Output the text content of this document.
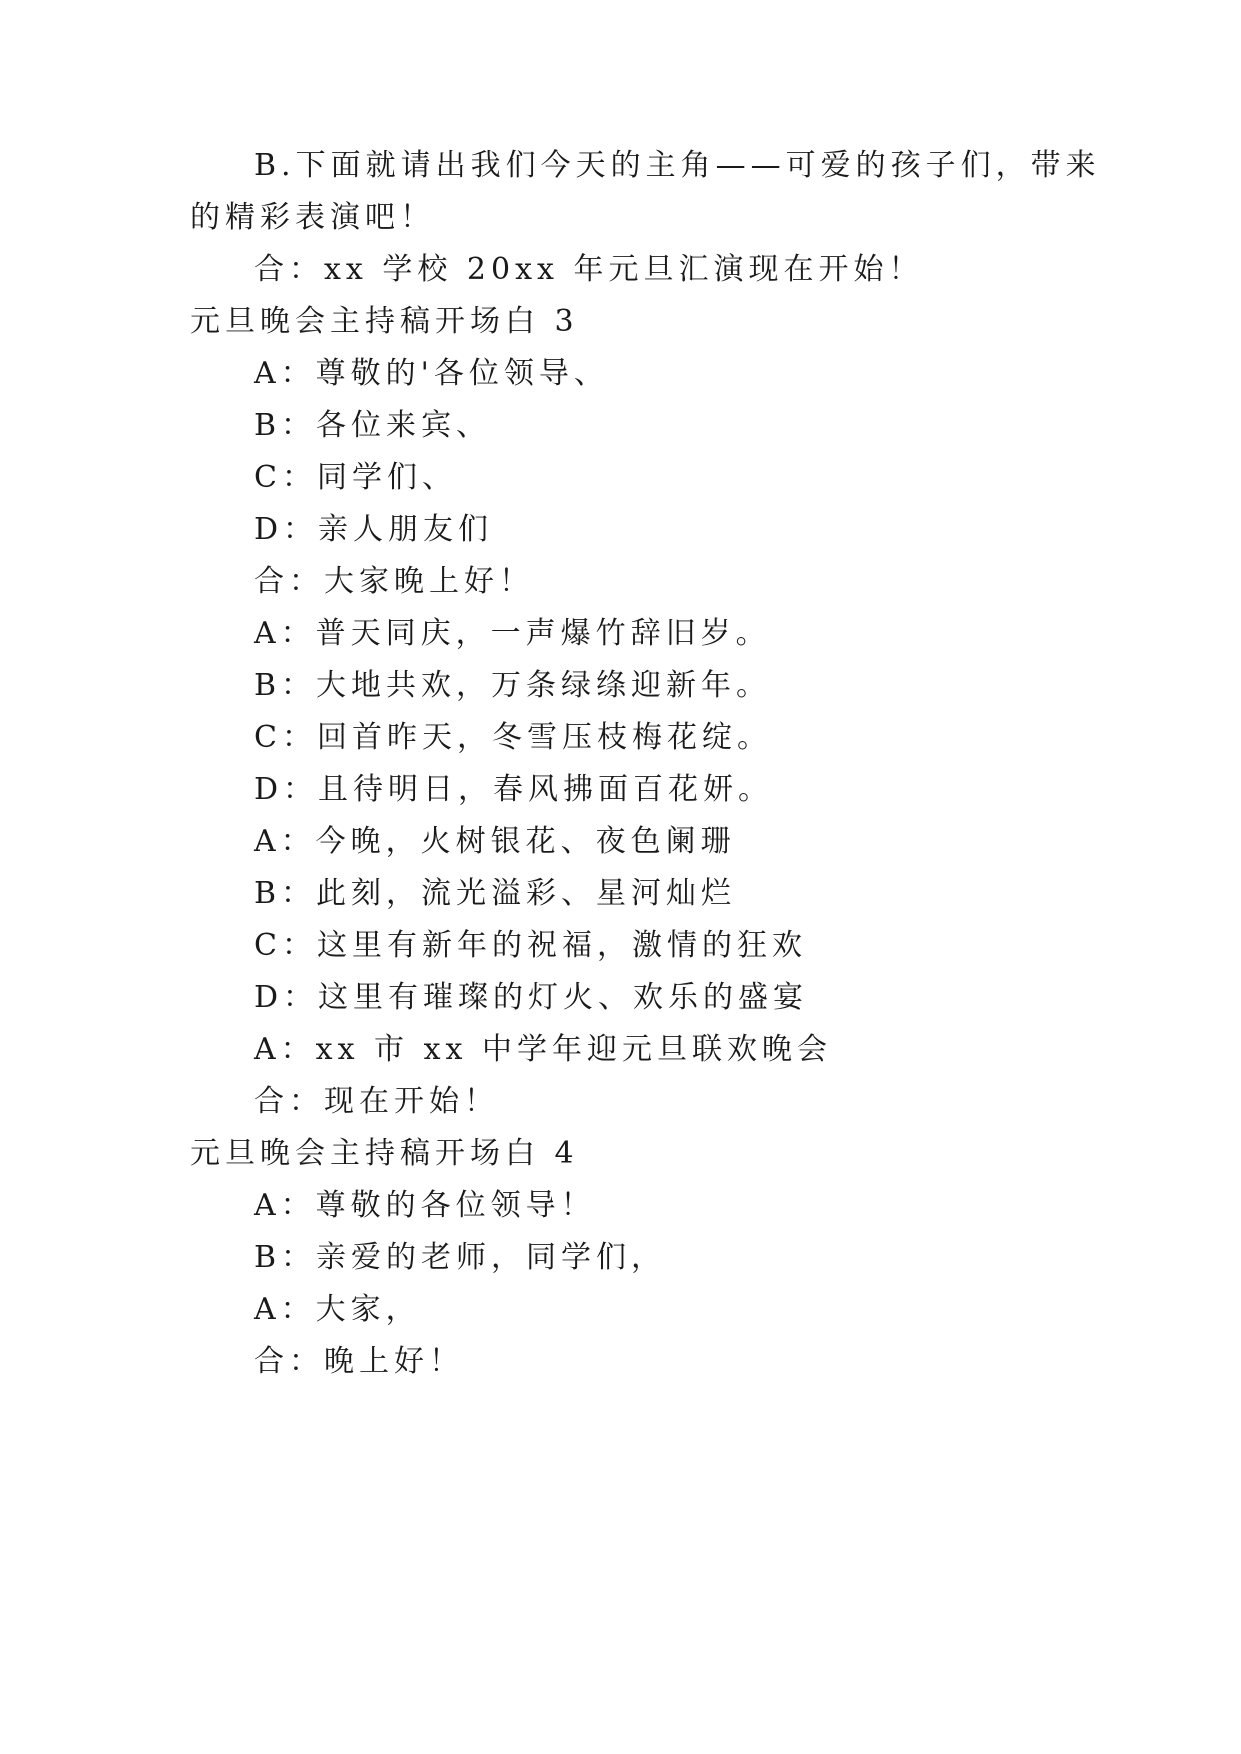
B.下面就请出我们今天的主角——可爱的孩子们，带来
的精彩表演吧！
合：xx 学校 20xx 年元旦汇演现在开始！
元旦晚会主持稿开场白 3
A：尊敬的'各位领导、
B：各位来宾、
C：同学们、
D：亲人朋友们
合：大家晚上好！
A：普天同庆，一声爆竹辞旧岁。
B：大地共欢，万条绿绦迎新年。
C：回首昨天，冬雪压枝梅花绽。
D：且待明日，春风拂面百花妍。
A：今晚，火树银花、夜色阑珊
B：此刻，流光溢彩、星河灿烂
C：这里有新年的祝福，激情的狂欢
D：这里有璀璨的灯火、欢乐的盛宴
A：xx 市 xx 中学年迎元旦联欢晚会
合：现在开始！
元旦晚会主持稿开场白 4
A：尊敬的各位领导！
B：亲爱的老师，同学们，
A：大家，
合：晚上好！
